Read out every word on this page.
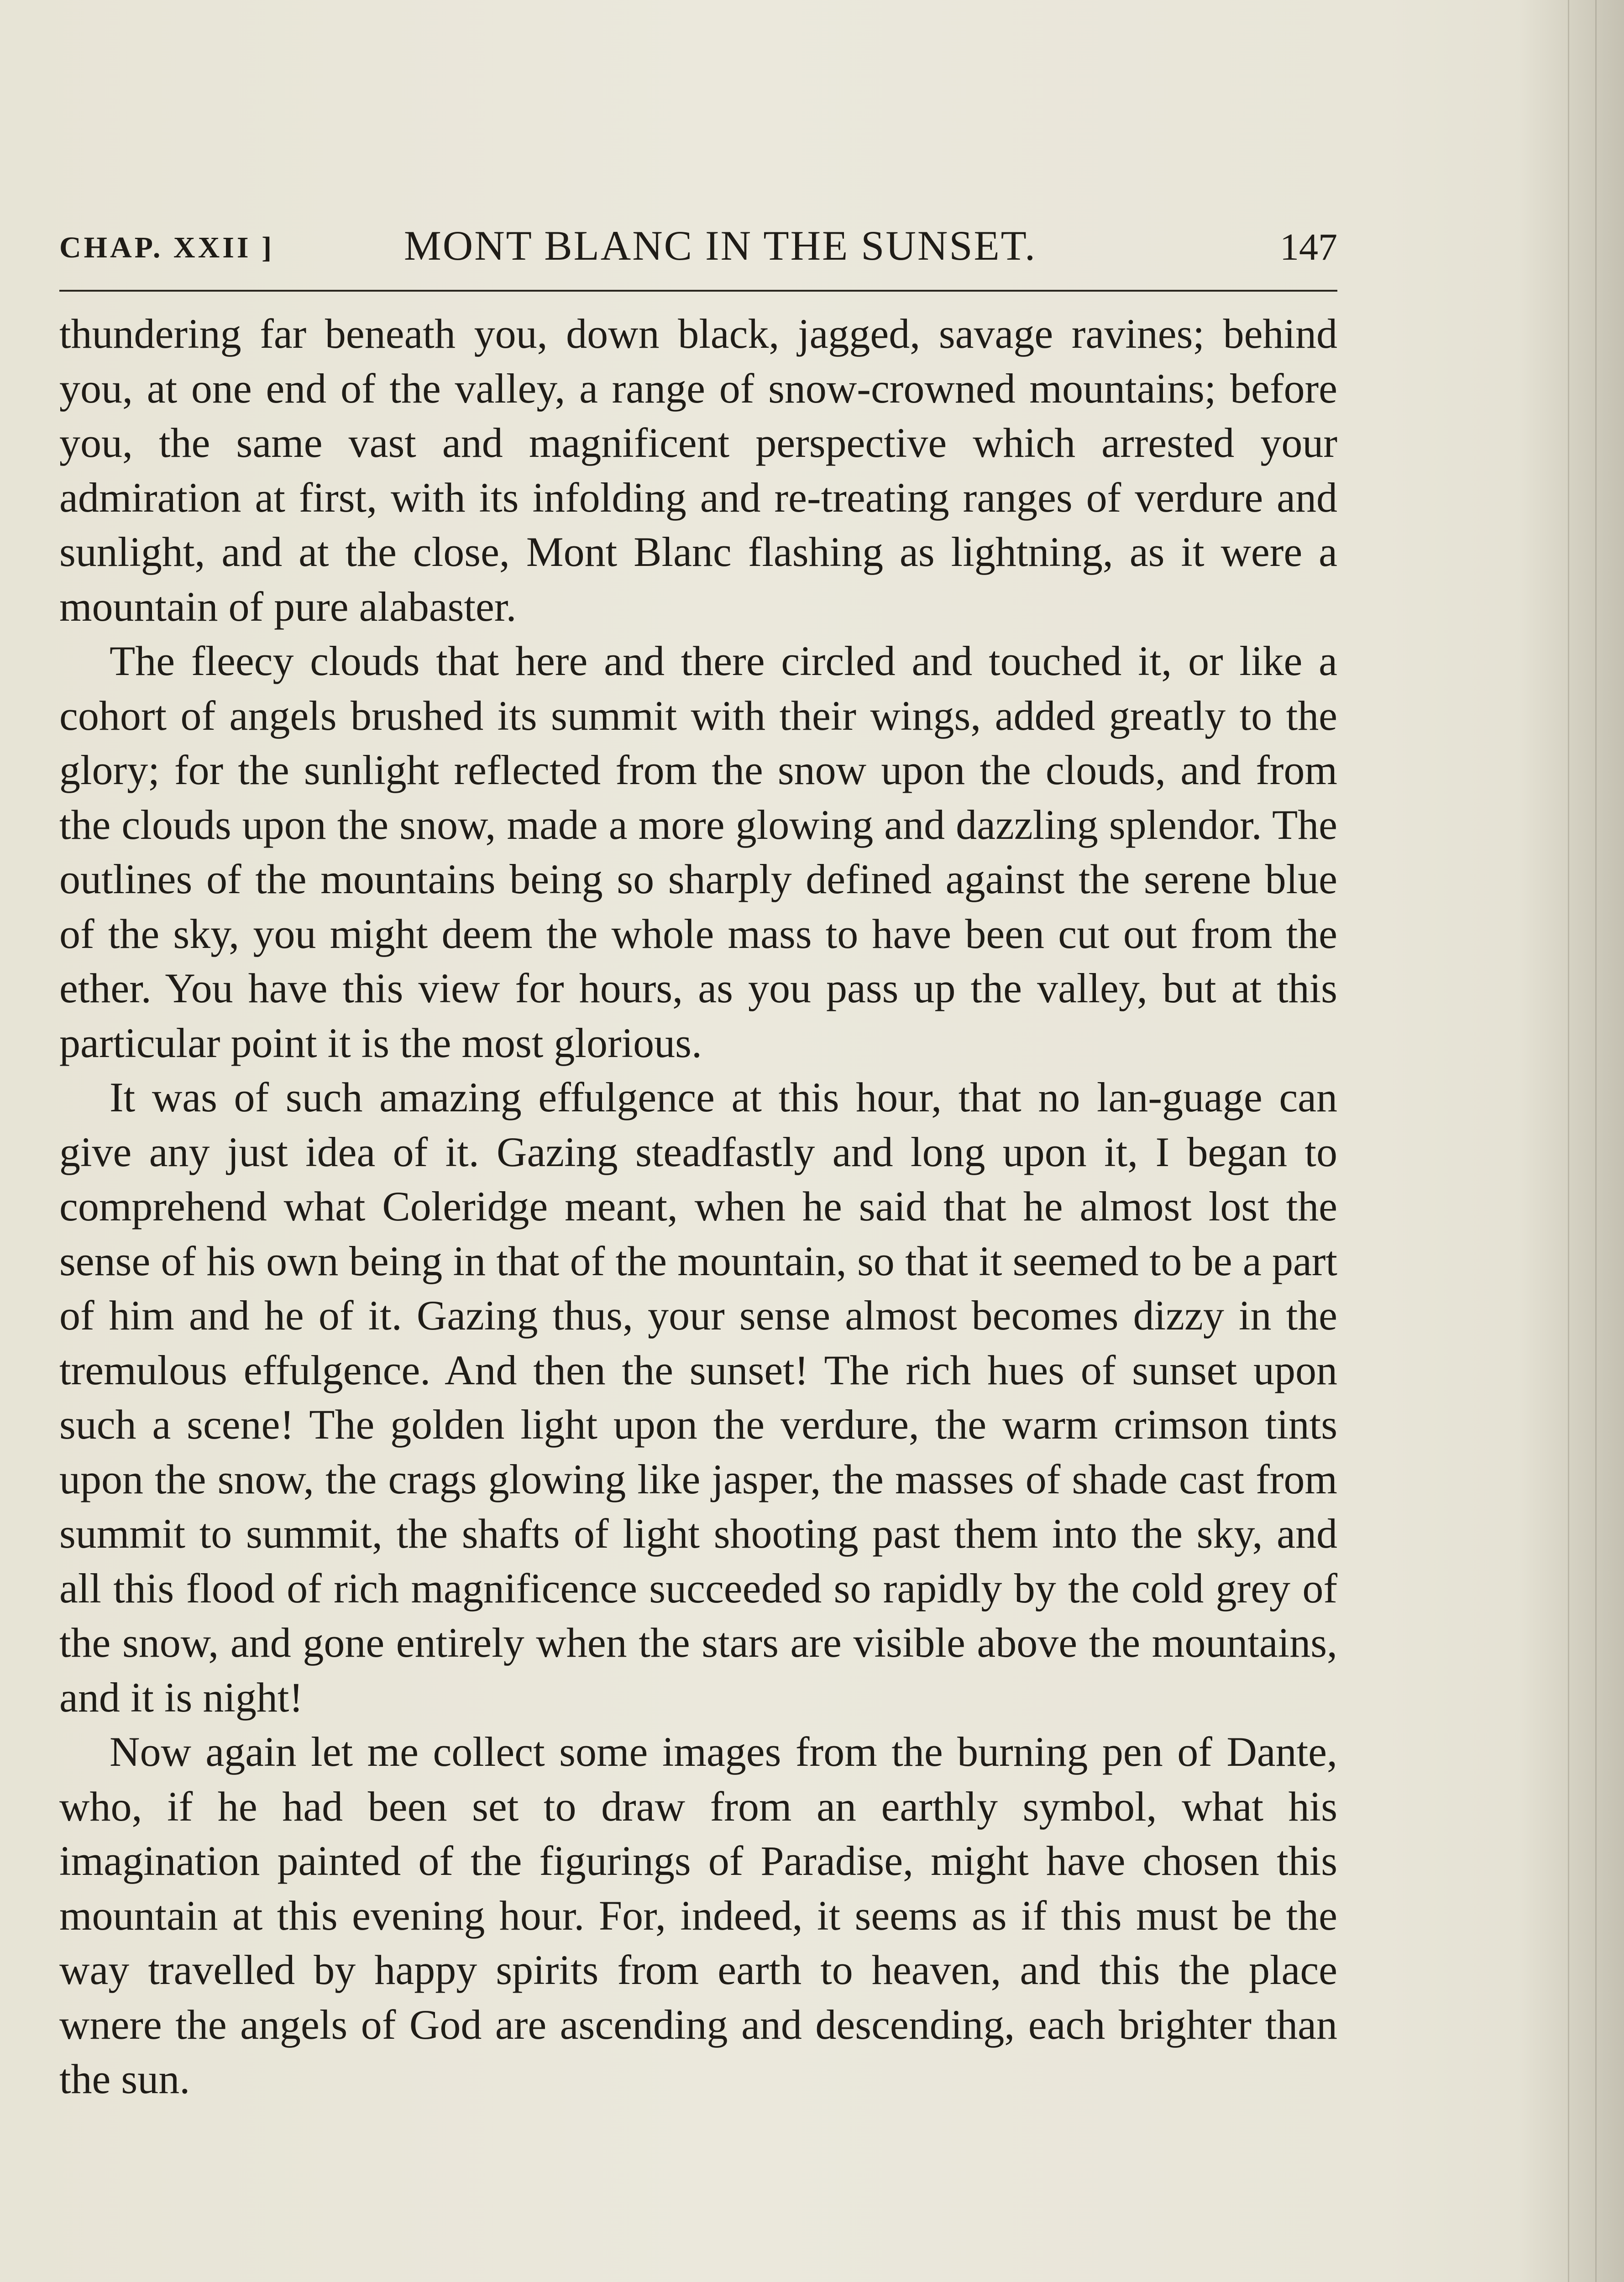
CHAP. XXII ]	MONT BLANC IN THE SUNSET.	147

thundering far beneath you, down black, jagged, savage ravines; behind you, at one end of the valley, a range of snow-crowned mountains; before you, the same vast and magnificent perspective which arrested your admiration at first, with its infolding and re-treating ranges of verdure and sunlight, and at the close, Mont Blanc flashing as lightning, as it were a mountain of pure alabaster.

The fleecy clouds that here and there circled and touched it, or like a cohort of angels brushed its summit with their wings, added greatly to the glory; for the sunlight reflected from the snow upon the clouds, and from the clouds upon the snow, made a more glowing and dazzling splendor. The outlines of the mountains being so sharply defined against the serene blue of the sky, you might deem the whole mass to have been cut out from the ether. You have this view for hours, as you pass up the valley, but at this particular point it is the most glorious.

It was of such amazing effulgence at this hour, that no lan-guage can give any just idea of it. Gazing steadfastly and long upon it, I began to comprehend what Coleridge meant, when he said that he almost lost the sense of his own being in that of the mountain, so that it seemed to be a part of him and he of it. Gazing thus, your sense almost becomes dizzy in the tremulous effulgence. And then the sunset! The rich hues of sunset upon such a scene! The golden light upon the verdure, the warm crimson tints upon the snow, the crags glowing like jasper, the masses of shade cast from summit to summit, the shafts of light shooting past them into the sky, and all this flood of rich magnificence succeeded so rapidly by the cold grey of the snow, and gone entirely when the stars are visible above the mountains, and it is night!

Now again let me collect some images from the burning pen of Dante, who, if he had been set to draw from an earthly symbol, what his imagination painted of the figurings of Paradise, might have chosen this mountain at this evening hour. For, indeed, it seems as if this must be the way travelled by happy spirits from earth to heaven, and this the place wnere the angels of God are ascending and descending, each brighter than the sun.
